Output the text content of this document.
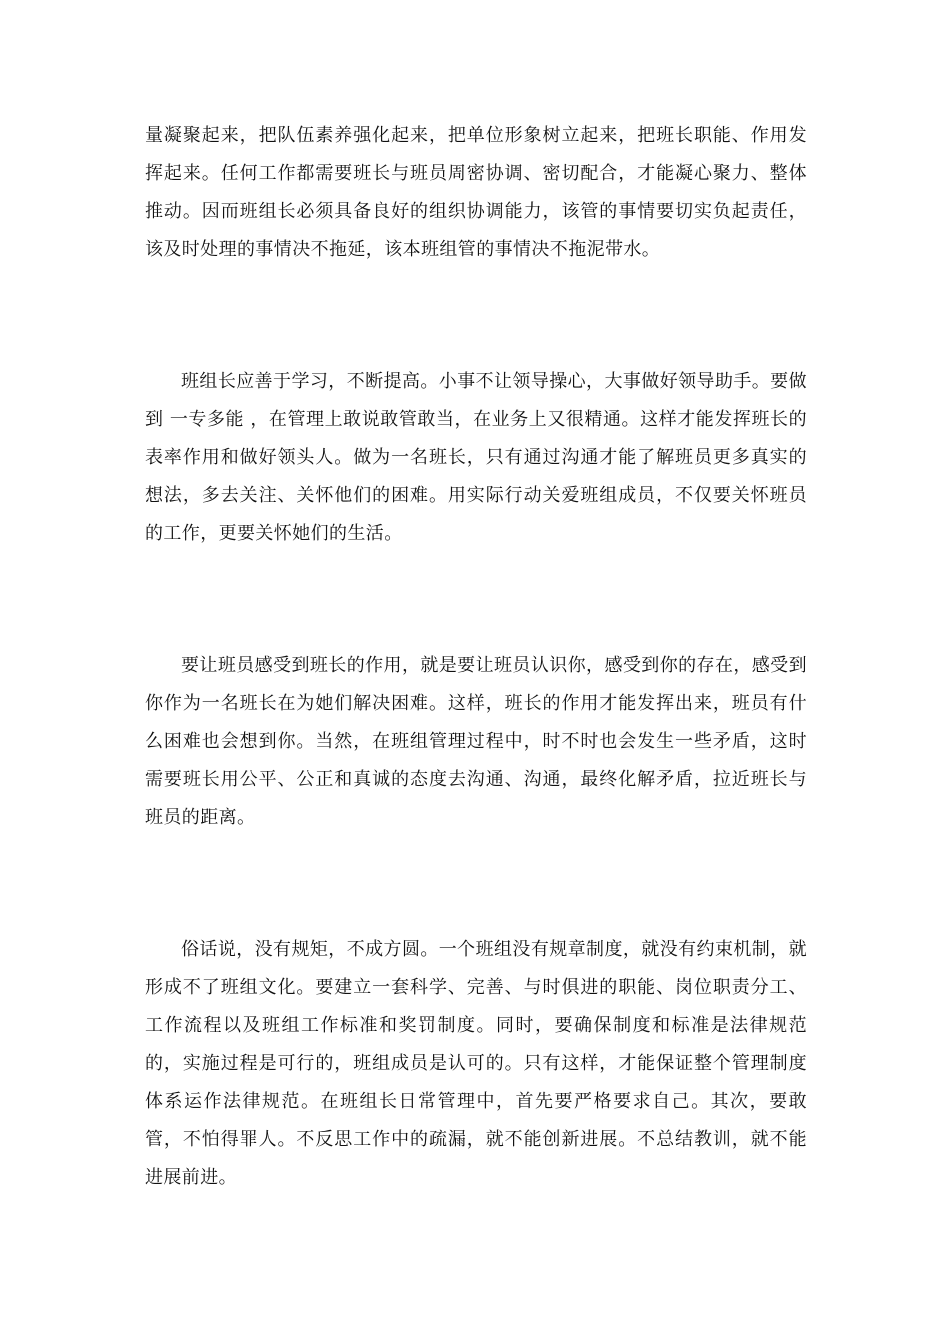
量凝聚起来，把队伍素养强化起来，把单位形象树立起来，把班长职能、作用发挥起来。任何工作都需要班长与班员周密协调、密切配合，才能凝心聚力、整体推动。因而班组长必须具备良好的组织协调能力，该管的事情要切实负起责任，该及时处理的事情决不拖延，该本班组管的事情决不拖泥带水。

班组长应善于学习，不断提高。小事不让领导操心，大事做好领导助手。要做到 一专多能 ，在管理上敢说敢管敢当，在业务上又很精通。这样才能发挥班长的表率作用和做好领头人。做为一名班长，只有通过沟通才能了解班员更多真实的想法，多去关注、关怀他们的困难。用实际行动关爱班组成员，不仅要关怀班员的工作，更要关怀她们的生活。

要让班员感受到班长的作用，就是要让班员认识你，感受到你的存在，感受到你作为一名班长在为她们解决困难。这样，班长的作用才能发挥出来，班员有什么困难也会想到你。当然，在班组管理过程中，时不时也会发生一些矛盾，这时需要班长用公平、公正和真诚的态度去沟通、沟通，最终化解矛盾，拉近班长与班员的距离。

俗话说，没有规矩，不成方圆。一个班组没有规章制度，就没有约束机制，就形成不了班组文化。要建立一套科学、完善、与时俱进的职能、岗位职责分工、工作流程以及班组工作标准和奖罚制度。同时，要确保制度和标准是法律规范的，实施过程是可行的，班组成员是认可的。只有这样，才能保证整个管理制度体系运作法律规范。在班组长日常管理中，首先要严格要求自己。其次，要敢管，不怕得罪人。不反思工作中的疏漏，就不能创新进展。不总结教训，就不能进展前进。
